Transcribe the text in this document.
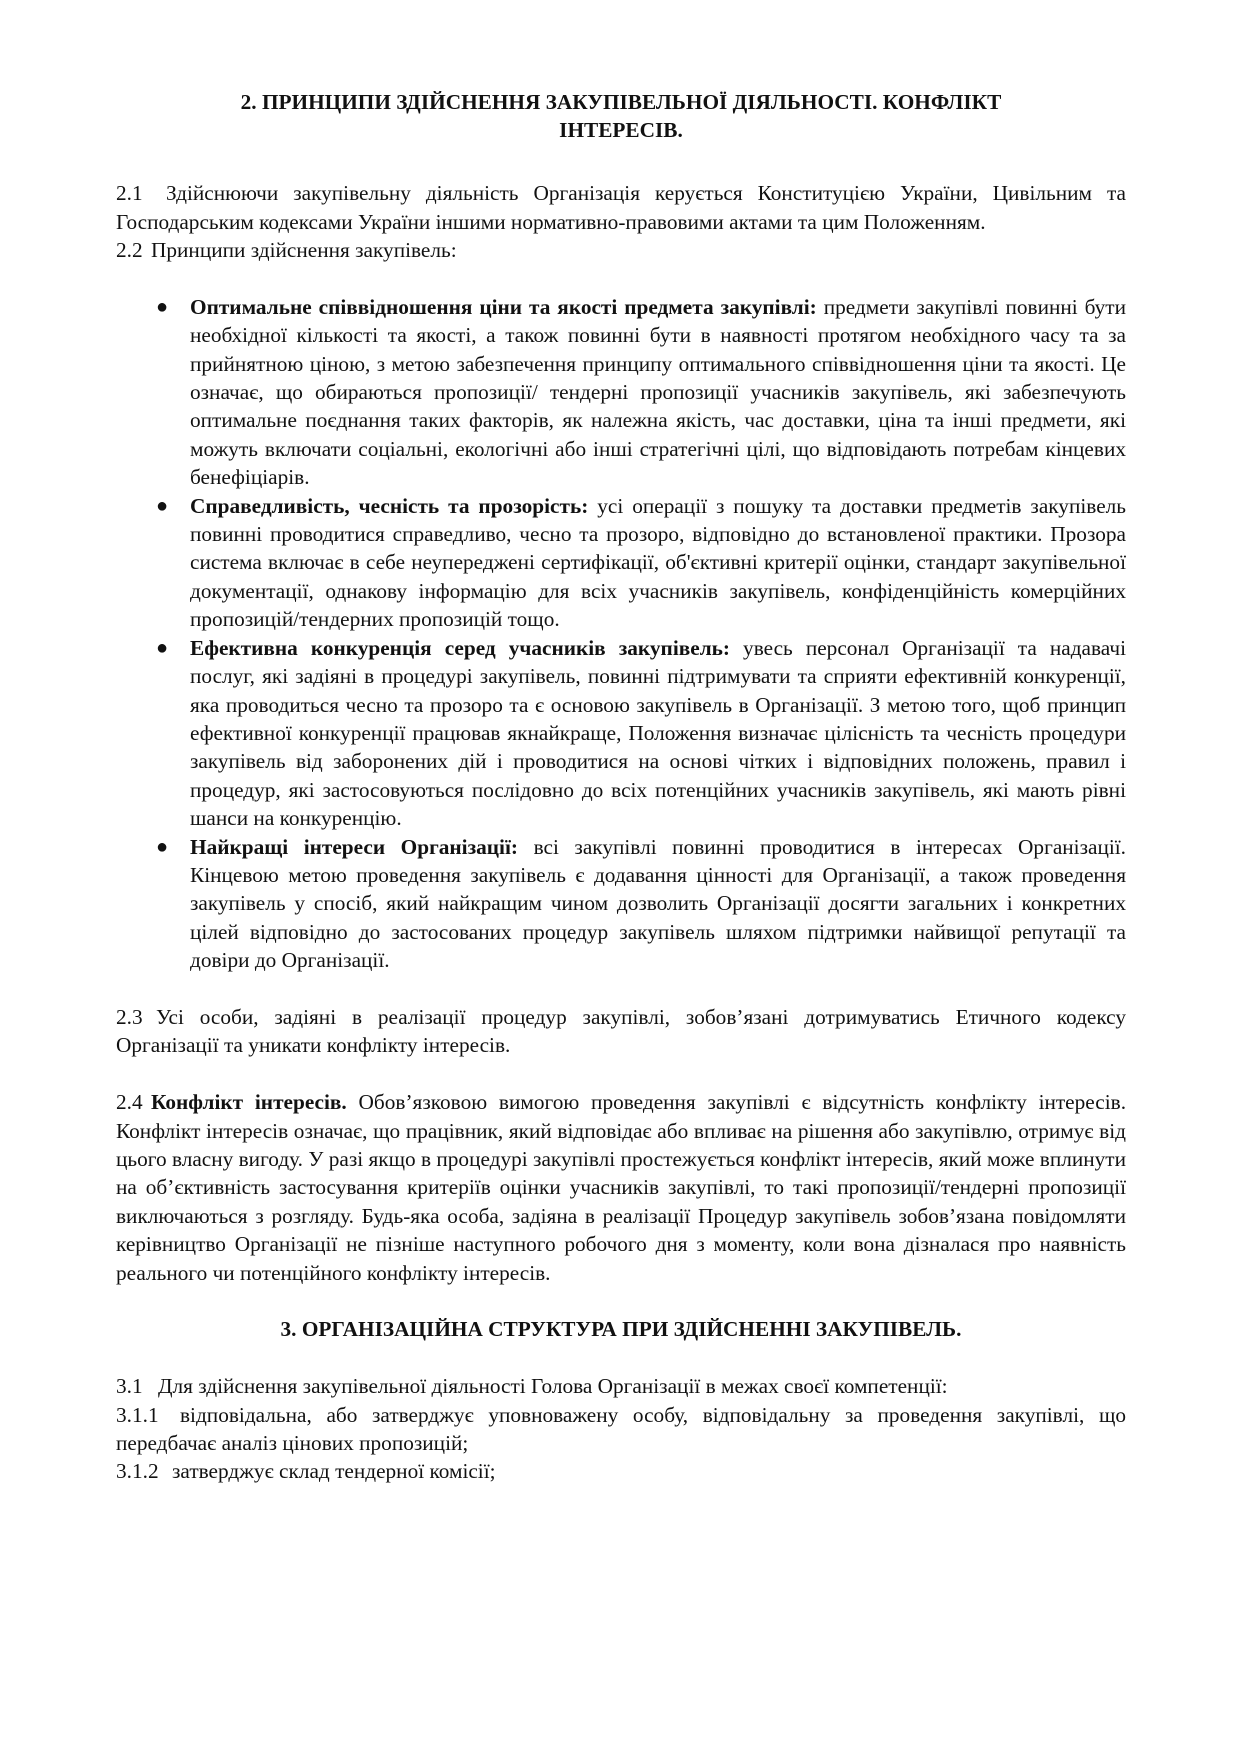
2. ПРИНЦИПИ ЗДІЙСНЕННЯ ЗАКУПІВЕЛЬНОЇ ДІЯЛЬНОСТІ. КОНФЛІКТ
ІНТЕРЕСІВ.

2.1 Здійснюючи закупівельну діяльність Організація керується Конституцією України, Цивільним та Господарським кодексами України іншими нормативно-правовими актами та цим Положенням.

2.2 Принципи здійснення закупівель:

● Оптимальне співвідношення ціни та якості предмета закупівлі: предмети закупівлі повинні бути необхідної кількості та якості, а також повинні бути в наявності протягом необхідного часу та за прийнятною ціною, з метою забезпечення принципу оптимального співвідношення ціни та якості. Це означає, що обираються пропозиції/ тендерні пропозиції учасників закупівель, які забезпечують оптимальне поєднання таких факторів, як належна якість, час доставки, ціна та інші предмети, які можуть включати соціальні, екологічні або інші стратегічні цілі, що відповідають потребам кінцевих бенефіціарів.
● Справедливість, чесність та прозорість: усі операції з пошуку та доставки предметів закупівель повинні проводитися справедливо, чесно та прозоро, відповідно до встановленої практики. Прозора система включає в себе неупереджені сертифікації, об'єктивні критерії оцінки, стандарт закупівельної документації, однакову інформацію для всіх учасників закупівель, конфіденційність комерційних пропозицій/тендерних пропозицій тощо.
● Ефективна конкуренція серед учасників закупівель: увесь персонал Організації та надавачі послуг, які задіяні в процедурі закупівель, повинні підтримувати та сприяти ефективній конкуренції, яка проводиться чесно та прозоро та є основою закупівель в Організації. З метою того, щоб принцип ефективної конкуренції працював якнайкраще, Положення визначає цілісність та чесність процедури закупівель від заборонених дій і проводитися на основі чітких і відповідних положень, правил і процедур, які застосовуються послідовно до всіх потенційних учасників закупівель, які мають рівні шанси на конкуренцію.
● Найкращі інтереси Організації: всі закупівлі повинні проводитися в інтересах Організації. Кінцевою метою проведення закупівель є додавання цінності для Організації, а також проведення закупівель у спосіб, який найкращим чином дозволить Організації досягти загальних і конкретних цілей відповідно до застосованих процедур закупівель шляхом підтримки найвищої репутації та довіри до Організації.

2.3 Усі особи, задіяні в реалізації процедур закупівлі, зобов’язані дотримуватись Етичного кодексу Організації та уникати конфлікту інтересів.

2.4 Конфлікт інтересів. Обов’язковою вимогою проведення закупівлі є відсутність конфлікту інтересів. Конфлікт інтересів означає, що працівник, який відповідає або впливає на рішення або закупівлю, отримує від цього власну вигоду. У разі якщо в процедурі закупівлі простежується конфлікт інтересів, який може вплинути на об’єктивність застосування критеріїв оцінки учасників закупівлі, то такі пропозиції/тендерні пропозиції виключаються з розгляду. Будь-яка особа, задіяна в реалізації Процедур закупівель зобов’язана повідомляти керівництво Організації не пізніше наступного робочого дня з моменту, коли вона дізналася про наявність реального чи потенційного конфлікту інтересів.

3. ОРГАНІЗАЦІЙНА СТРУКТУРА ПРИ ЗДІЙСНЕННІ ЗАКУПІВЕЛЬ.

3.1 Для здійснення закупівельної діяльності Голова Організації в межах своєї компетенції:

3.1.1 відповідальна, або затверджує уповноважену особу, відповідальну за проведення закупівлі, що передбачає аналіз цінових пропозицій;

3.1.2 затверджує склад тендерної комісії;
